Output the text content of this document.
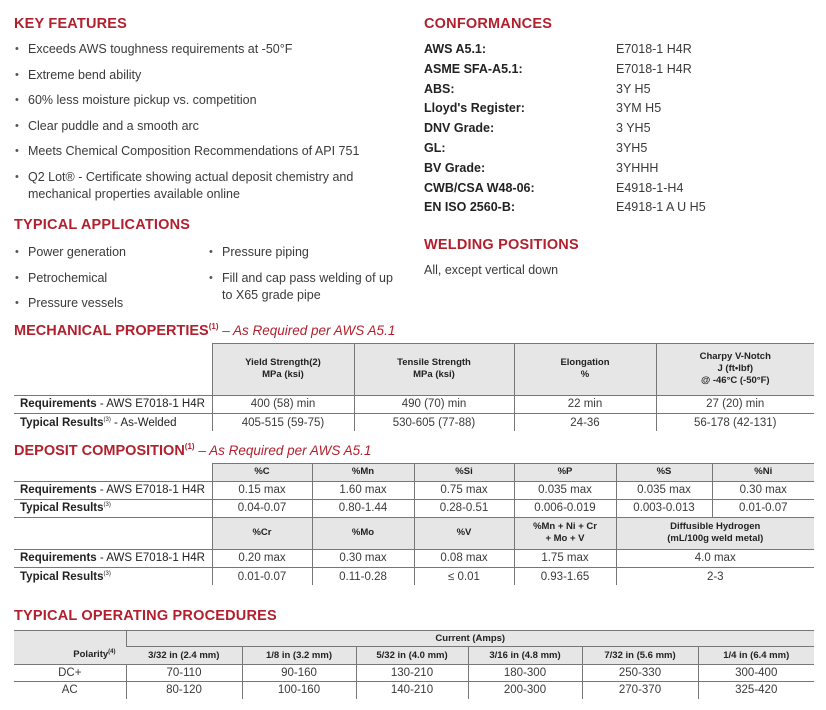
KEY FEATURES
• Exceeds AWS toughness requirements at -50°F
• Extreme bend ability
• 60% less moisture pickup vs. competition
• Clear puddle and a smooth arc
• Meets Chemical Composition Recommendations of API 751
• Q2 Lot® - Certificate showing actual deposit chemistry and mechanical properties available online
TYPICAL APPLICATIONS
• Power generation
• Petrochemical
• Pressure vessels
• Pressure piping
• Fill and cap pass welding of up to X65 grade pipe
CONFORMANCES
AWS A5.1:	E7018-1 H4R
ASME SFA-A5.1:	E7018-1 H4R
ABS:	3Y H5
Lloyd's Register:	3YM H5
DNV Grade:	3 YH5
GL:	3YH5
BV Grade:	3YHHH
CWB/CSA W48-06:	E4918-1-H4
EN ISO 2560-B:	E4918-1 A U H5
WELDING POSITIONS
All, except vertical down
MECHANICAL PROPERTIES$^{(1)}$ – As Required per AWS A5.1
	Yield Strength(2)
MPa (ksi)	Tensile Strength
MPa (ksi)	Elongation
%	Charpy V-Notch
J (ft•lbf)
@ -46°C (-50°F)
Requirements - AWS E7018-1 H4R	400 (58) min	490 (70) min	22 min	27 (20) min
Typical Results$^{(3)}$ - As-Welded	405-515 (59-75)	530-605 (77-88)	24-36	56-178 (42-131)
DEPOSIT COMPOSITION$^{(1)}$ – As Required per AWS A5.1
	%C	%Mn	%Si	%P	%S	%Ni
Requirements - AWS E7018-1 H4R	0.15 max	1.60 max	0.75 max	0.035 max	0.035 max	0.30 max
Typical Results$^{(3)}$	0.04-0.07	0.80-1.44	0.28-0.51	0.006-0.019	0.003-0.013	0.01-0.07
	%Cr	%Mo	%V	%Mn + Ni + Cr
+ Mo + V	Diffusible Hydrogen
(mL/100g weld metal)	
Requirements - AWS E7018-1 H4R	0.20 max	0.30 max	0.08 max	1.75 max	4.0 max	
Typical Results$^{(3)}$	0.01-0.07	0.11-0.28	≤ 0.01	0.93-1.65	2-3	
TYPICAL OPERATING PROCEDURES
Polarity$^{(4)}$	Current (Amps)					
	3/32 in (2.4 mm)	1/8 in (3.2 mm)	5/32 in (4.0 mm)	3/16 in (4.8 mm)	7/32 in (5.6 mm)	1/4 in (6.4 mm)
DC+	70-110	90-160	130-210	180-300	250-330	300-400
AC	80-120	100-160	140-210	200-300	270-370	325-420
